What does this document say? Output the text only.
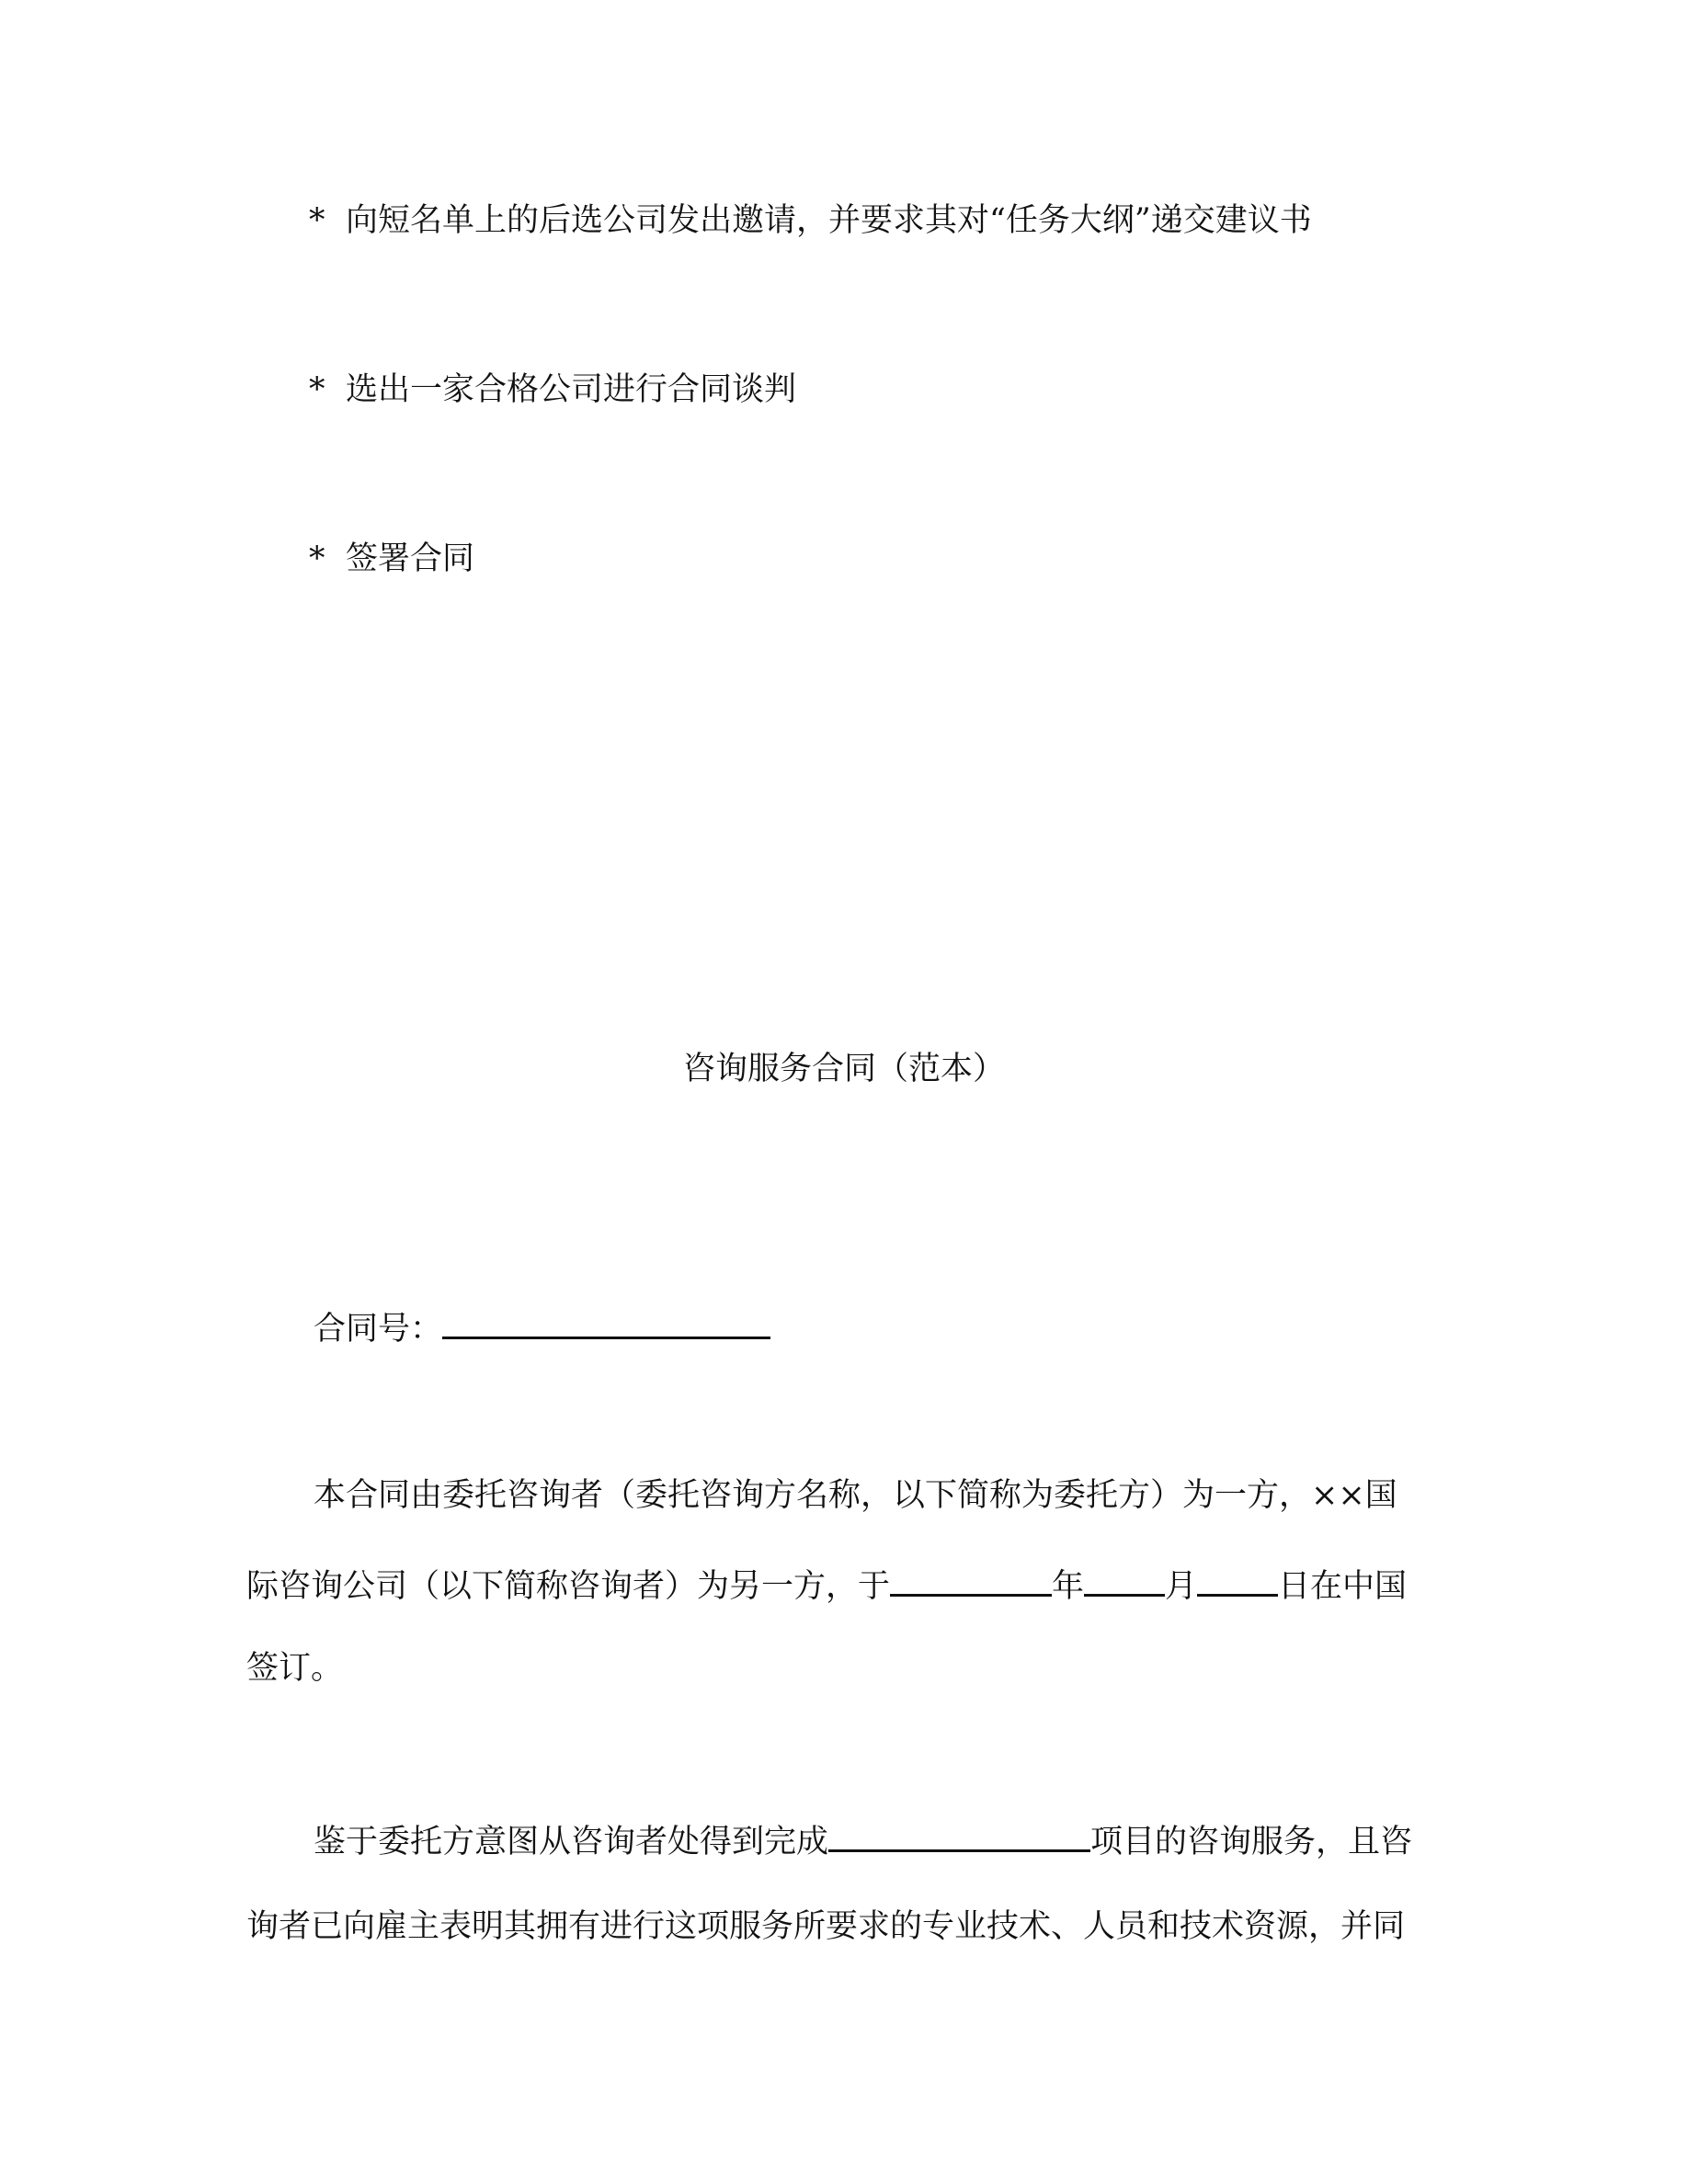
* 向短名单上的后选公司发出邀请，并要求其对“任务大纲”递交建议书
* 选出一家合格公司进行合同谈判
* 签署合同
咨询服务合同（范本）
合同号：
本合同由委托咨询者（委托咨询方名称，以下简称为委托方）为一方，××国
际咨询公司（以下简称咨询者）为另一方，于	年	月	日在中国
签订。
鉴于委托方意图从咨询者处得到完成	项目的咨询服务，且咨
询者已向雇主表明其拥有进行这项服务所要求的专业技术、人员和技术资源，并同
